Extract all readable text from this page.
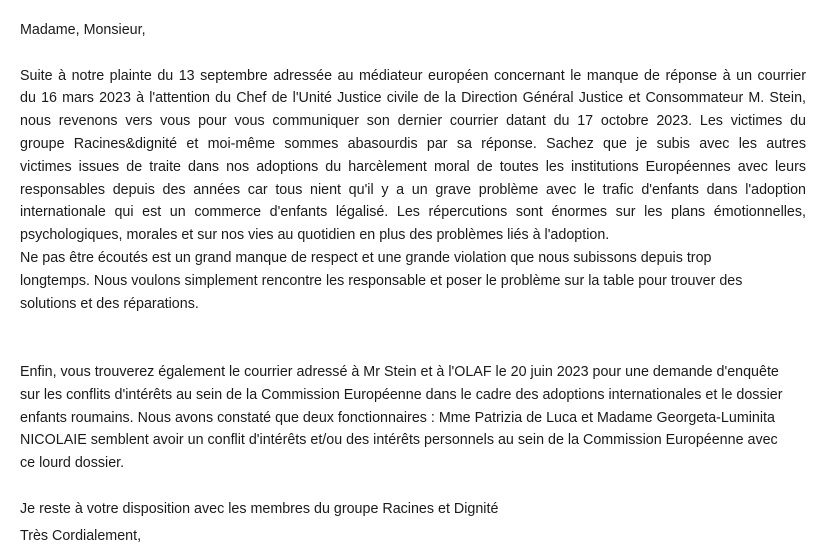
Madame, Monsieur,
Suite à notre plainte du 13 septembre adressée au médiateur européen concernant le manque de réponse à un courrier
du 16 mars 2023 à l'attention du Chef de l'Unité Justice civile de la Direction Général Justice et Consommateur M. Stein,
nous revenons vers vous pour vous communiquer son dernier courrier datant du 17 octobre 2023. Les victimes du
groupe Racines&dignité et moi-même sommes abasourdis par sa réponse. Sachez que je subis avec les autres
victimes issues de traite dans nos adoptions du harcèlement moral de toutes les institutions Européennes avec leurs
responsables depuis des années car tous nient qu'il y a un grave problème avec le trafic d'enfants dans l'adoption
internationale qui est un commerce d'enfants légalisé. Les répercutions sont énormes sur les plans émotionnelles,
psychologiques, morales et sur nos vies au quotidien en plus des problèmes liés à l'adoption.
Ne pas être écoutés est un grand manque de respect et une grande violation que nous subissons depuis trop
longtemps. Nous voulons simplement rencontre les responsable et poser le problème sur la table pour trouver des
solutions et des réparations.
Enfin, vous trouverez également le courrier adressé à Mr Stein et à l'OLAF le 20 juin 2023 pour une demande d'enquête
sur les conflits d'intérêts au sein de la Commission Européenne dans le cadre des adoptions internationales et le dossier
enfants roumains. Nous avons constaté que deux fonctionnaires : Mme Patrizia de Luca et Madame Georgeta-Luminita
NICOLAIE semblent avoir un conflit d'intérêts et/ou des intérêts personnels au sein de la Commission Européenne avec
ce lourd dossier.
Je reste à votre disposition avec les membres du groupe Racines et Dignité
Très Cordialement,
